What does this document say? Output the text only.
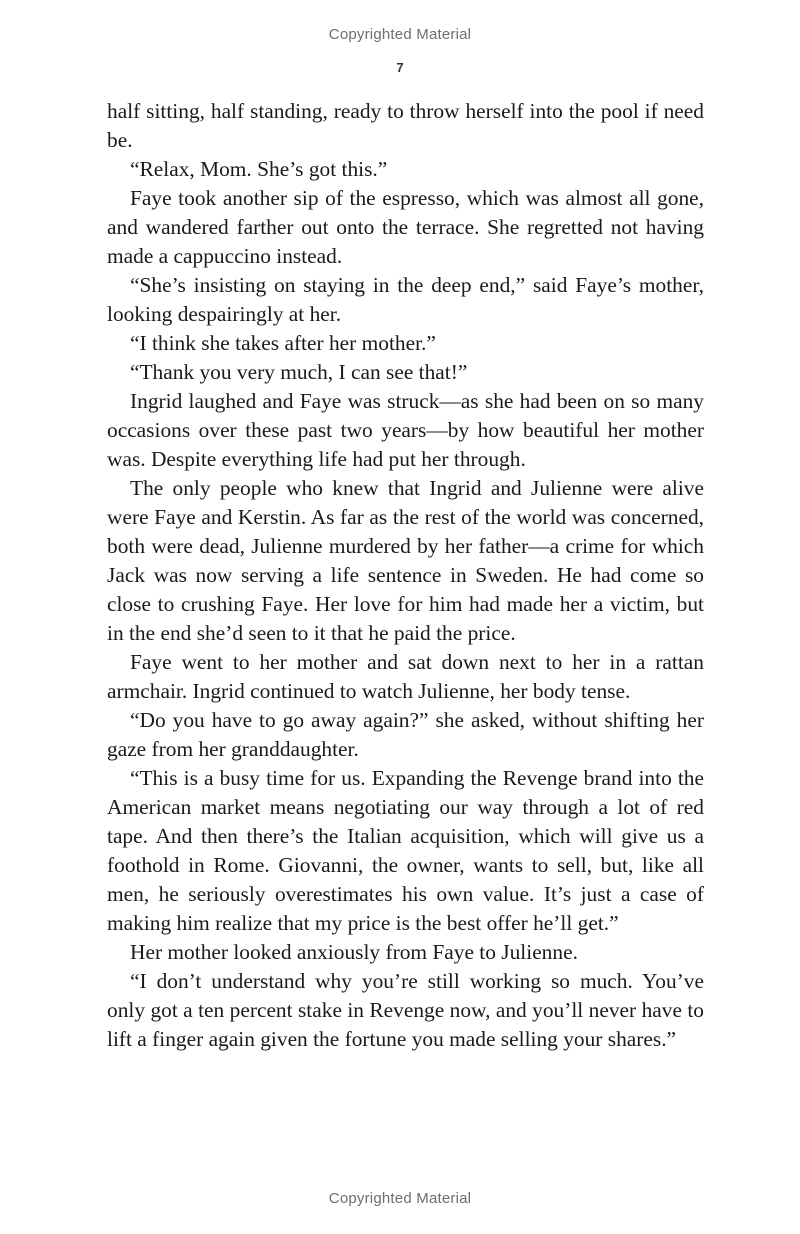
Copyrighted Material
7

half sitting, half standing, ready to throw herself into the pool if need be.

“Relax, Mom. She’s got this.”

Faye took another sip of the espresso, which was almost all gone, and wandered farther out onto the terrace. She regretted not having made a cappuccino instead.

“She’s insisting on staying in the deep end,” said Faye’s mother, looking despairingly at her.

“I think she takes after her mother.”

“Thank you very much, I can see that!”

Ingrid laughed and Faye was struck—as she had been on so many occasions over these past two years—by how beautiful her mother was. Despite everything life had put her through.

The only people who knew that Ingrid and Julienne were alive were Faye and Kerstin. As far as the rest of the world was concerned, both were dead, Julienne murdered by her father—a crime for which Jack was now serving a life sentence in Sweden. He had come so close to crushing Faye. Her love for him had made her a victim, but in the end she’d seen to it that he paid the price.

Faye went to her mother and sat down next to her in a rattan armchair. Ingrid continued to watch Julienne, her body tense.

“Do you have to go away again?” she asked, without shifting her gaze from her granddaughter.

“This is a busy time for us. Expanding the Revenge brand into the American market means negotiating our way through a lot of red tape. And then there’s the Italian acquisition, which will give us a foothold in Rome. Giovanni, the owner, wants to sell, but, like all men, he seriously overestimates his own value. It’s just a case of making him realize that my price is the best offer he’ll get.”

Her mother looked anxiously from Faye to Julienne.

“I don’t understand why you’re still working so much. You’ve only got a ten percent stake in Revenge now, and you’ll never have to lift a finger again given the fortune you made selling your shares.”

Copyrighted Material
